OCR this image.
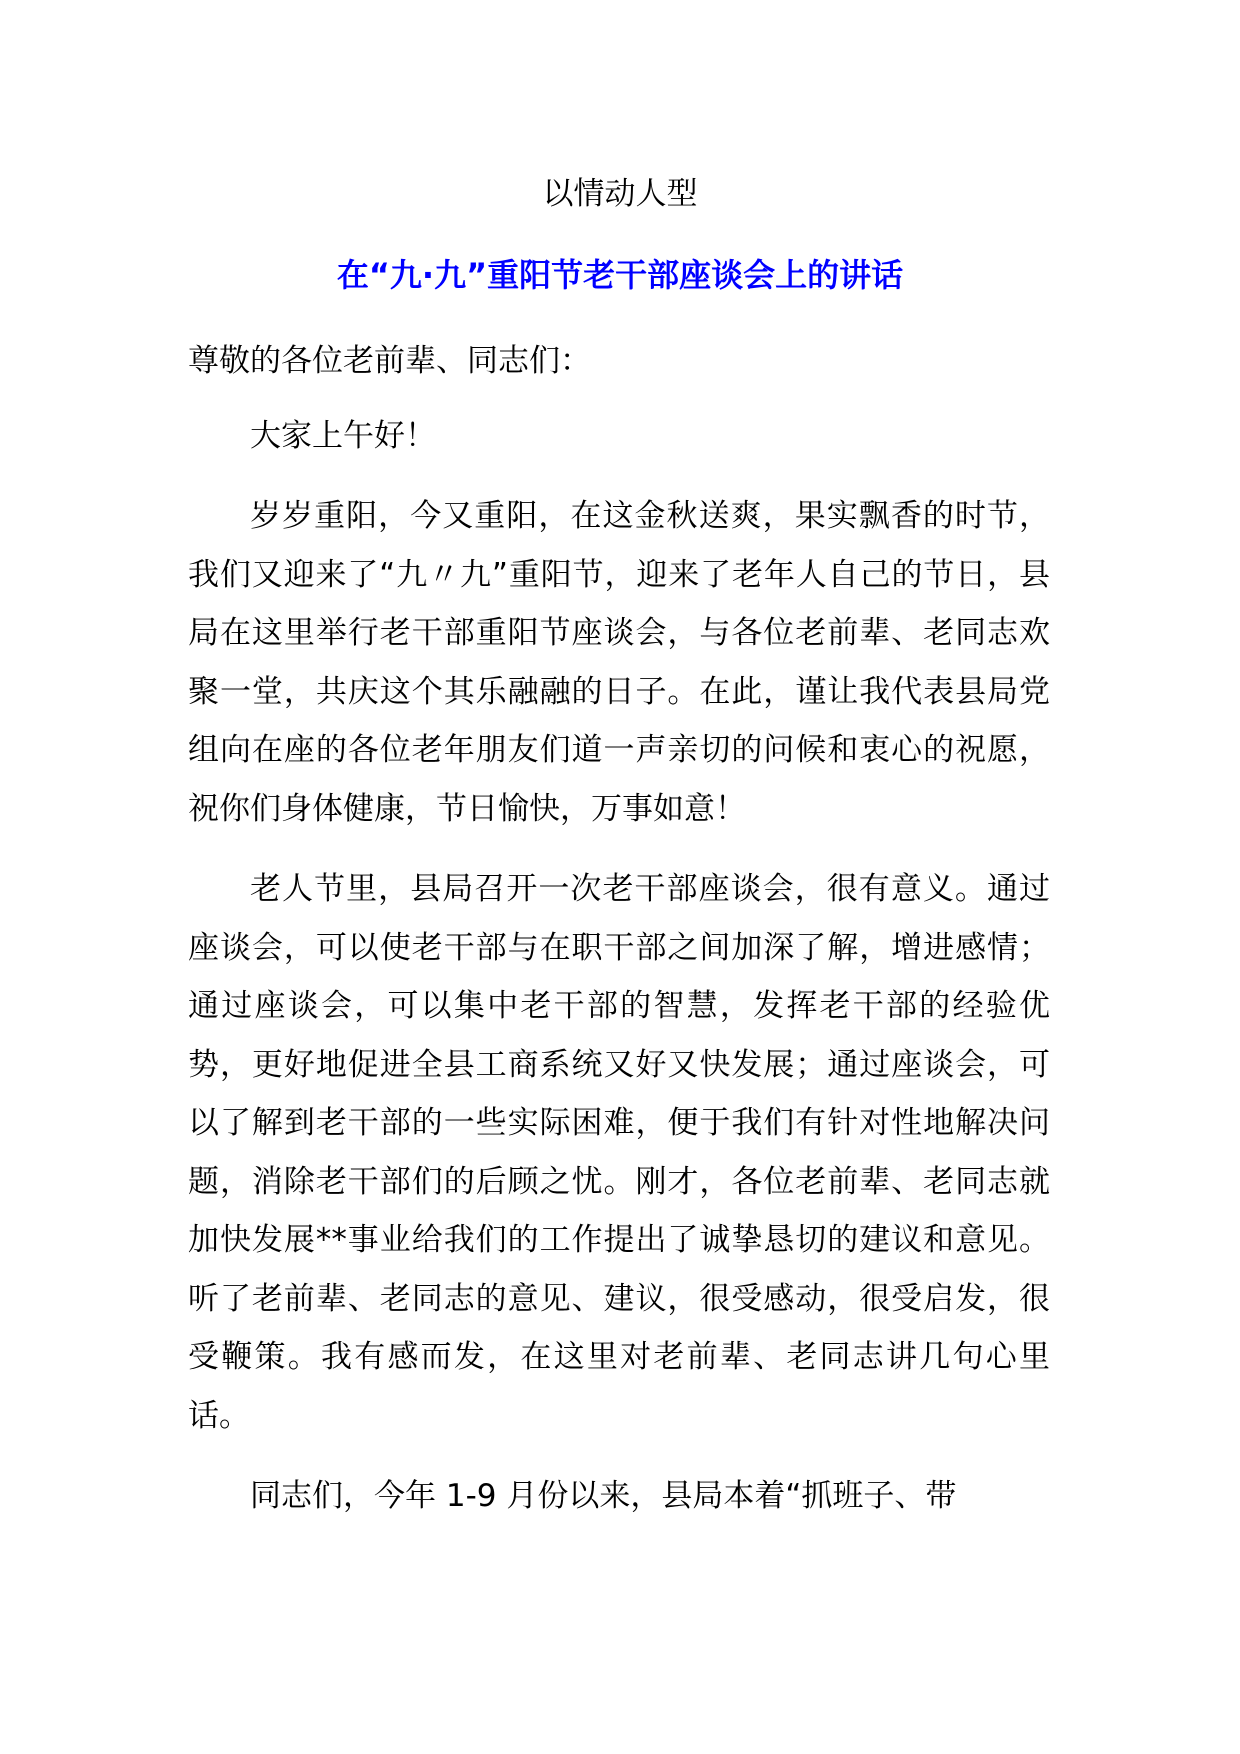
以情动人型

在“九·九”重阳节老干部座谈会上的讲话

尊敬的各位老前辈、同志们：

大家上午好！

岁岁重阳，今又重阳，在这金秋送爽，果实飘香的时节，我们又迎来了“九〃九”重阳节，迎来了老年人自己的节日，县局在这里举行老干部重阳节座谈会，与各位老前辈、老同志欢聚一堂，共庆这个其乐融融的日子。在此，谨让我代表县局党组向在座的各位老年朋友们道一声亲切的问候和衷心的祝愿，祝你们身体健康，节日愉快，万事如意！

老人节里，县局召开一次老干部座谈会，很有意义。通过座谈会，可以使老干部与在职干部之间加深了解，增进感情；通过座谈会，可以集中老干部的智慧，发挥老干部的经验优势，更好地促进全县工商系统又好又快发展；通过座谈会，可以了解到老干部的一些实际困难，便于我们有针对性地解决问题，消除老干部们的后顾之忧。刚才，各位老前辈、老同志就加快发展**事业给我们的工作提出了诚挚恳切的建议和意见。听了老前辈、老同志的意见、建议，很受感动，很受启发，很受鞭策。我有感而发，在这里对老前辈、老同志讲几句心里话。

同志们，今年 1-9 月份以来，县局本着“抓班子、带
